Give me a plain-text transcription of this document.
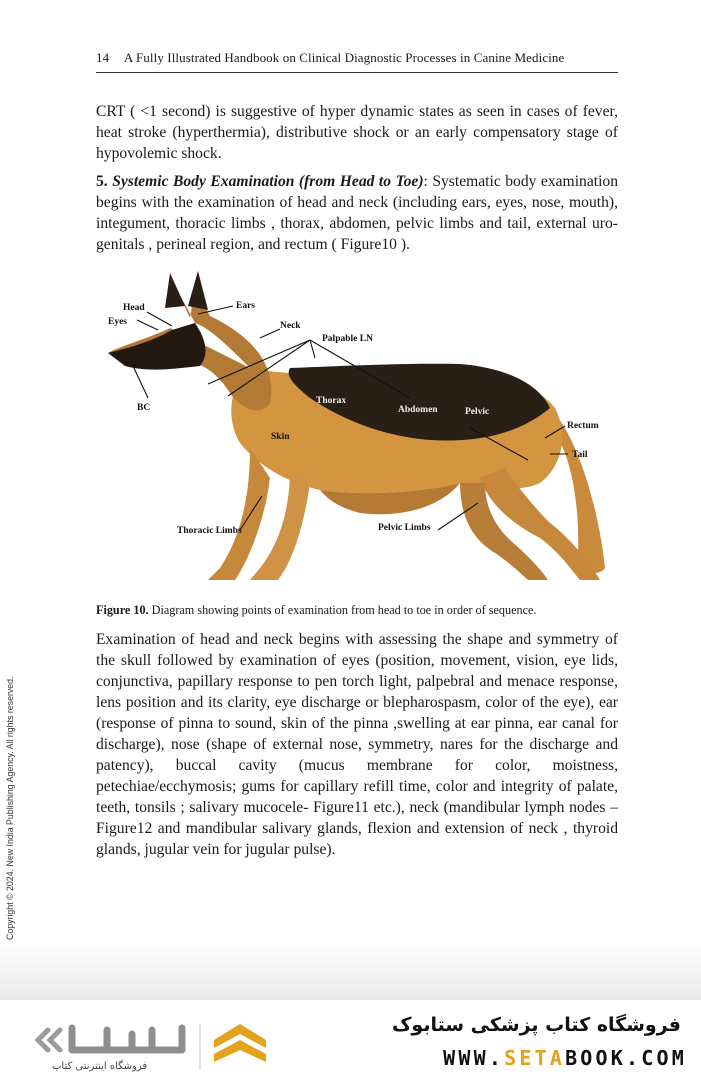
14 A Fully Illustrated Handbook on Clinical Diagnostic Processes in Canine Medicine
CRT ( <1 second) is suggestive of hyper dynamic states as seen in cases of fever, heat stroke (hyperthermia), distributive shock or an early compensatory stage of hypovolemic shock.
5. Systemic Body Examination (from Head to Toe): Systematic body examination begins with the examination of head and neck (including ears, eyes, nose, mouth), integument, thoracic limbs , thorax, abdomen, pelvic limbs and tail, external uro-genitals , perineal region, and rectum ( Figure10 ).
Head
Eyes
Ears
Neck
Palpable LN
BC
Thorax
Abdomen	Pelvic
Rectum
Tail
Skin
Thoracic Limbs	Pelvic Limbs
Figure 10. Diagram showing points of examination from head to toe in order of sequence.
Examination of head and neck begins with assessing the shape and symmetry of the skull followed by examination of eyes (position, movement, vision, eye lids, conjunctiva, papillary response to pen torch light, palpebral and menace response, lens position and its clarity, eye discharge or blepharospasm, color of the eye), ear (response of pinna to sound, skin of the pinna ,swelling at ear pinna, ear canal for discharge), nose (shape of external nose, symmetry, nares for the discharge and patency), buccal cavity (mucus membrane for color, moistness, petechiae/ecchymosis; gums for capillary refill time, color and integrity of palate, teeth, tonsils ; salivary mucocele- Figure11 etc.), neck (mandibular lymph nodes –Figure12 and mandibular salivary glands, flexion and extension of neck , thyroid glands, jugular vein for jugular pulse).
Copyright © 2024. New India Publishing Agency. All rights reserved.
فروشگاه اینترنتی کتاب
فروشگاه کتاب پزشکی ستابوک
WWW.SETABOOK.COM
